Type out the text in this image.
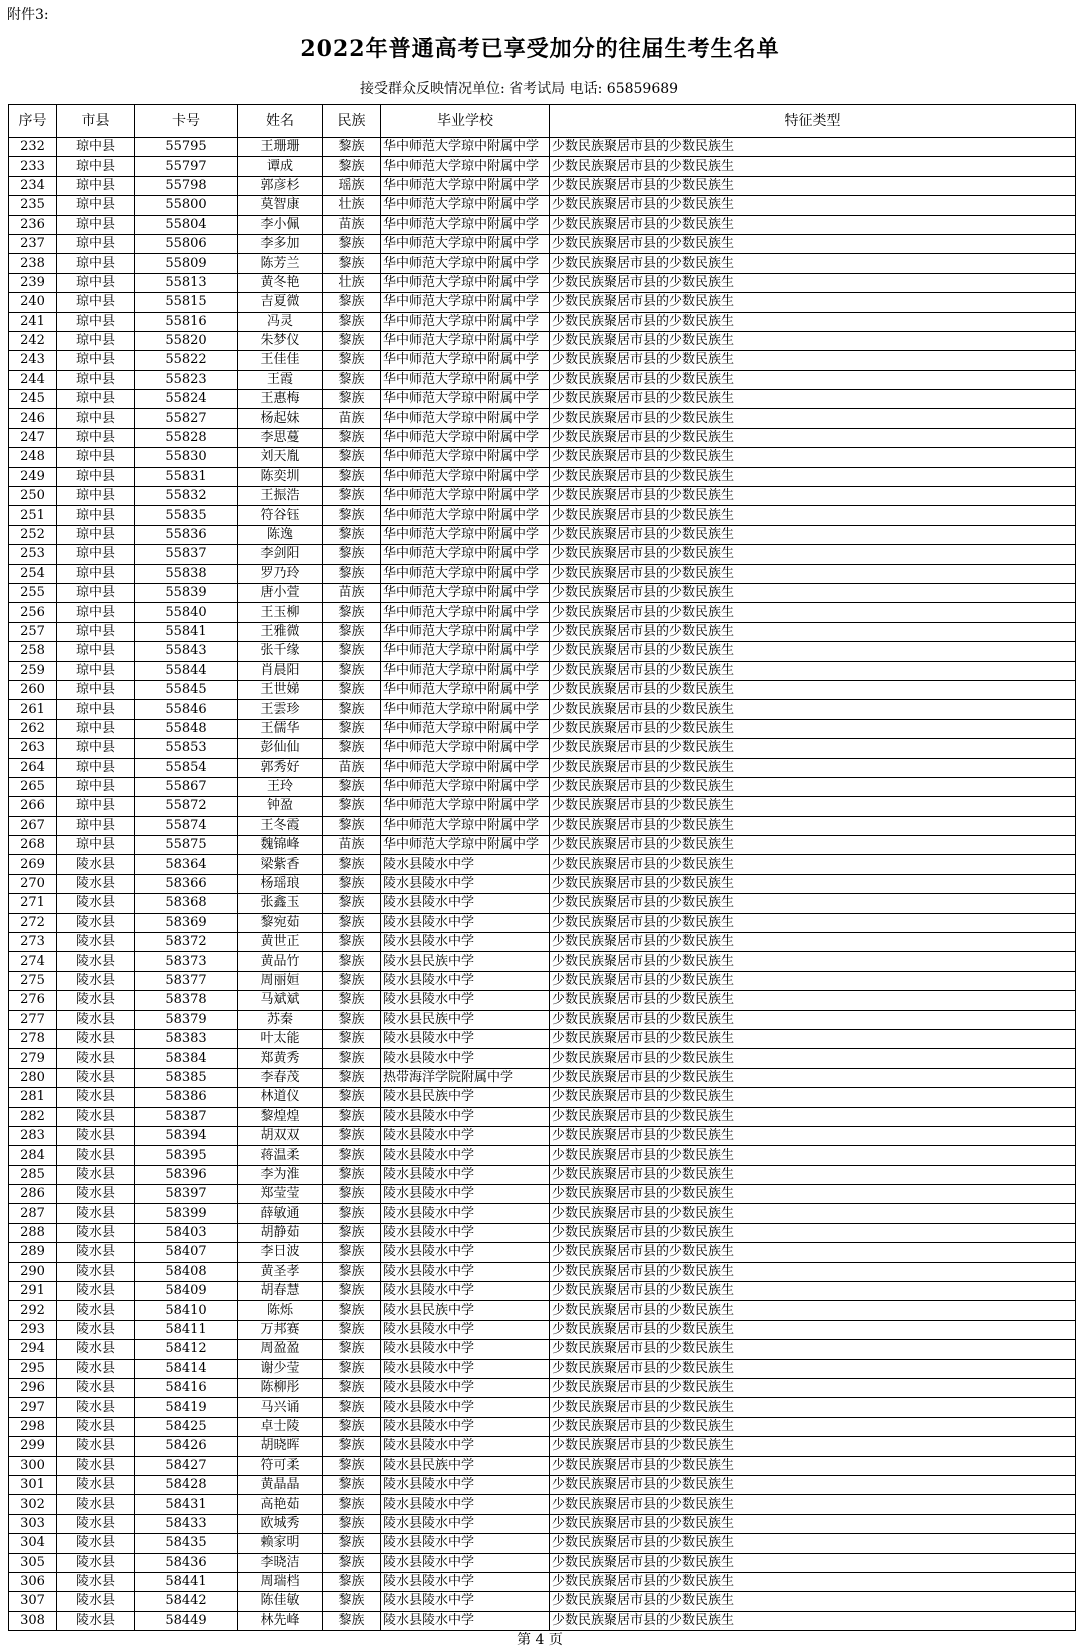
附件3:
2022年普通高考已享受加分的往届生考生名单
接受群众反映情况单位: 省考试局 电话: 65859689
序号	市县	卡号	姓名	民族	毕业学校	特征类型
232	琼中县	55795	王珊珊	黎族	华中师范大学琼中附属中学	少数民族聚居市县的少数民族生
233	琼中县	55797	谭成	黎族	华中师范大学琼中附属中学	少数民族聚居市县的少数民族生
234	琼中县	55798	郭彦杉	瑶族	华中师范大学琼中附属中学	少数民族聚居市县的少数民族生
235	琼中县	55800	莫智康	壮族	华中师范大学琼中附属中学	少数民族聚居市县的少数民族生
236	琼中县	55804	李小佩	苗族	华中师范大学琼中附属中学	少数民族聚居市县的少数民族生
237	琼中县	55806	李多加	黎族	华中师范大学琼中附属中学	少数民族聚居市县的少数民族生
238	琼中县	55809	陈芳兰	黎族	华中师范大学琼中附属中学	少数民族聚居市县的少数民族生
239	琼中县	55813	黄冬艳	壮族	华中师范大学琼中附属中学	少数民族聚居市县的少数民族生
240	琼中县	55815	吉夏微	黎族	华中师范大学琼中附属中学	少数民族聚居市县的少数民族生
241	琼中县	55816	冯灵	黎族	华中师范大学琼中附属中学	少数民族聚居市县的少数民族生
242	琼中县	55820	朱梦仪	黎族	华中师范大学琼中附属中学	少数民族聚居市县的少数民族生
243	琼中县	55822	王佳佳	黎族	华中师范大学琼中附属中学	少数民族聚居市县的少数民族生
244	琼中县	55823	王霞	黎族	华中师范大学琼中附属中学	少数民族聚居市县的少数民族生
245	琼中县	55824	王惠梅	黎族	华中师范大学琼中附属中学	少数民族聚居市县的少数民族生
246	琼中县	55827	杨起妹	苗族	华中师范大学琼中附属中学	少数民族聚居市县的少数民族生
247	琼中县	55828	李思蔓	黎族	华中师范大学琼中附属中学	少数民族聚居市县的少数民族生
248	琼中县	55830	刘天胤	黎族	华中师范大学琼中附属中学	少数民族聚居市县的少数民族生
249	琼中县	55831	陈奕圳	黎族	华中师范大学琼中附属中学	少数民族聚居市县的少数民族生
250	琼中县	55832	王振浩	黎族	华中师范大学琼中附属中学	少数民族聚居市县的少数民族生
251	琼中县	55835	符谷钰	黎族	华中师范大学琼中附属中学	少数民族聚居市县的少数民族生
252	琼中县	55836	陈逸	黎族	华中师范大学琼中附属中学	少数民族聚居市县的少数民族生
253	琼中县	55837	李剑阳	黎族	华中师范大学琼中附属中学	少数民族聚居市县的少数民族生
254	琼中县	55838	罗乃玲	黎族	华中师范大学琼中附属中学	少数民族聚居市县的少数民族生
255	琼中县	55839	唐小萱	苗族	华中师范大学琼中附属中学	少数民族聚居市县的少数民族生
256	琼中县	55840	王玉柳	黎族	华中师范大学琼中附属中学	少数民族聚居市县的少数民族生
257	琼中县	55841	王雅微	黎族	华中师范大学琼中附属中学	少数民族聚居市县的少数民族生
258	琼中县	55843	张千缘	黎族	华中师范大学琼中附属中学	少数民族聚居市县的少数民族生
259	琼中县	55844	肖晨阳	黎族	华中师范大学琼中附属中学	少数民族聚居市县的少数民族生
260	琼中县	55845	王世娣	黎族	华中师范大学琼中附属中学	少数民族聚居市县的少数民族生
261	琼中县	55846	王雲珍	黎族	华中师范大学琼中附属中学	少数民族聚居市县的少数民族生
262	琼中县	55848	王儒华	黎族	华中师范大学琼中附属中学	少数民族聚居市县的少数民族生
263	琼中县	55853	彭仙仙	黎族	华中师范大学琼中附属中学	少数民族聚居市县的少数民族生
264	琼中县	55854	郭秀好	苗族	华中师范大学琼中附属中学	少数民族聚居市县的少数民族生
265	琼中县	55867	王玲	黎族	华中师范大学琼中附属中学	少数民族聚居市县的少数民族生
266	琼中县	55872	钟盈	黎族	华中师范大学琼中附属中学	少数民族聚居市县的少数民族生
267	琼中县	55874	王冬霞	黎族	华中师范大学琼中附属中学	少数民族聚居市县的少数民族生
268	琼中县	55875	魏锦峰	苗族	华中师范大学琼中附属中学	少数民族聚居市县的少数民族生
269	陵水县	58364	梁紫香	黎族	陵水县陵水中学	少数民族聚居市县的少数民族生
270	陵水县	58366	杨瑶琅	黎族	陵水县陵水中学	少数民族聚居市县的少数民族生
271	陵水县	58368	张鑫玉	黎族	陵水县陵水中学	少数民族聚居市县的少数民族生
272	陵水县	58369	黎宛茹	黎族	陵水县陵水中学	少数民族聚居市县的少数民族生
273	陵水县	58372	黄世正	黎族	陵水县陵水中学	少数民族聚居市县的少数民族生
274	陵水县	58373	黄品竹	黎族	陵水县民族中学	少数民族聚居市县的少数民族生
275	陵水县	58377	周丽姮	黎族	陵水县陵水中学	少数民族聚居市县的少数民族生
276	陵水县	58378	马斌斌	黎族	陵水县陵水中学	少数民族聚居市县的少数民族生
277	陵水县	58379	苏秦	黎族	陵水县民族中学	少数民族聚居市县的少数民族生
278	陵水县	58383	叶太能	黎族	陵水县陵水中学	少数民族聚居市县的少数民族生
279	陵水县	58384	郑黄秀	黎族	陵水县陵水中学	少数民族聚居市县的少数民族生
280	陵水县	58385	李春茂	黎族	热带海洋学院附属中学	少数民族聚居市县的少数民族生
281	陵水县	58386	林道仪	黎族	陵水县民族中学	少数民族聚居市县的少数民族生
282	陵水县	58387	黎煌煌	黎族	陵水县陵水中学	少数民族聚居市县的少数民族生
283	陵水县	58394	胡双双	黎族	陵水县陵水中学	少数民族聚居市县的少数民族生
284	陵水县	58395	蒋温柔	黎族	陵水县陵水中学	少数民族聚居市县的少数民族生
285	陵水县	58396	李为淮	黎族	陵水县陵水中学	少数民族聚居市县的少数民族生
286	陵水县	58397	郑莹莹	黎族	陵水县陵水中学	少数民族聚居市县的少数民族生
287	陵水县	58399	薛敏通	黎族	陵水县陵水中学	少数民族聚居市县的少数民族生
288	陵水县	58403	胡静茹	黎族	陵水县陵水中学	少数民族聚居市县的少数民族生
289	陵水县	58407	李日波	黎族	陵水县陵水中学	少数民族聚居市县的少数民族生
290	陵水县	58408	黄圣孝	黎族	陵水县陵水中学	少数民族聚居市县的少数民族生
291	陵水县	58409	胡春慧	黎族	陵水县陵水中学	少数民族聚居市县的少数民族生
292	陵水县	58410	陈烁	黎族	陵水县民族中学	少数民族聚居市县的少数民族生
293	陵水县	58411	万邦赛	黎族	陵水县陵水中学	少数民族聚居市县的少数民族生
294	陵水县	58412	周盈盈	黎族	陵水县陵水中学	少数民族聚居市县的少数民族生
295	陵水县	58414	谢少莹	黎族	陵水县陵水中学	少数民族聚居市县的少数民族生
296	陵水县	58416	陈柳彤	黎族	陵水县陵水中学	少数民族聚居市县的少数民族生
297	陵水县	58419	马兴诵	黎族	陵水县陵水中学	少数民族聚居市县的少数民族生
298	陵水县	58425	卓士陵	黎族	陵水县陵水中学	少数民族聚居市县的少数民族生
299	陵水县	58426	胡晓晖	黎族	陵水县陵水中学	少数民族聚居市县的少数民族生
300	陵水县	58427	符可柔	黎族	陵水县民族中学	少数民族聚居市县的少数民族生
301	陵水县	58428	黄晶晶	黎族	陵水县陵水中学	少数民族聚居市县的少数民族生
302	陵水县	58431	高艳茹	黎族	陵水县陵水中学	少数民族聚居市县的少数民族生
303	陵水县	58433	欧城秀	黎族	陵水县陵水中学	少数民族聚居市县的少数民族生
304	陵水县	58435	赖家明	黎族	陵水县陵水中学	少数民族聚居市县的少数民族生
305	陵水县	58436	李晓洁	黎族	陵水县陵水中学	少数民族聚居市县的少数民族生
306	陵水县	58441	周瑞档	黎族	陵水县陵水中学	少数民族聚居市县的少数民族生
307	陵水县	58442	陈佳敏	黎族	陵水县陵水中学	少数民族聚居市县的少数民族生
308	陵水县	58449	林先峰	黎族	陵水县陵水中学	少数民族聚居市县的少数民族生
第 4 页
